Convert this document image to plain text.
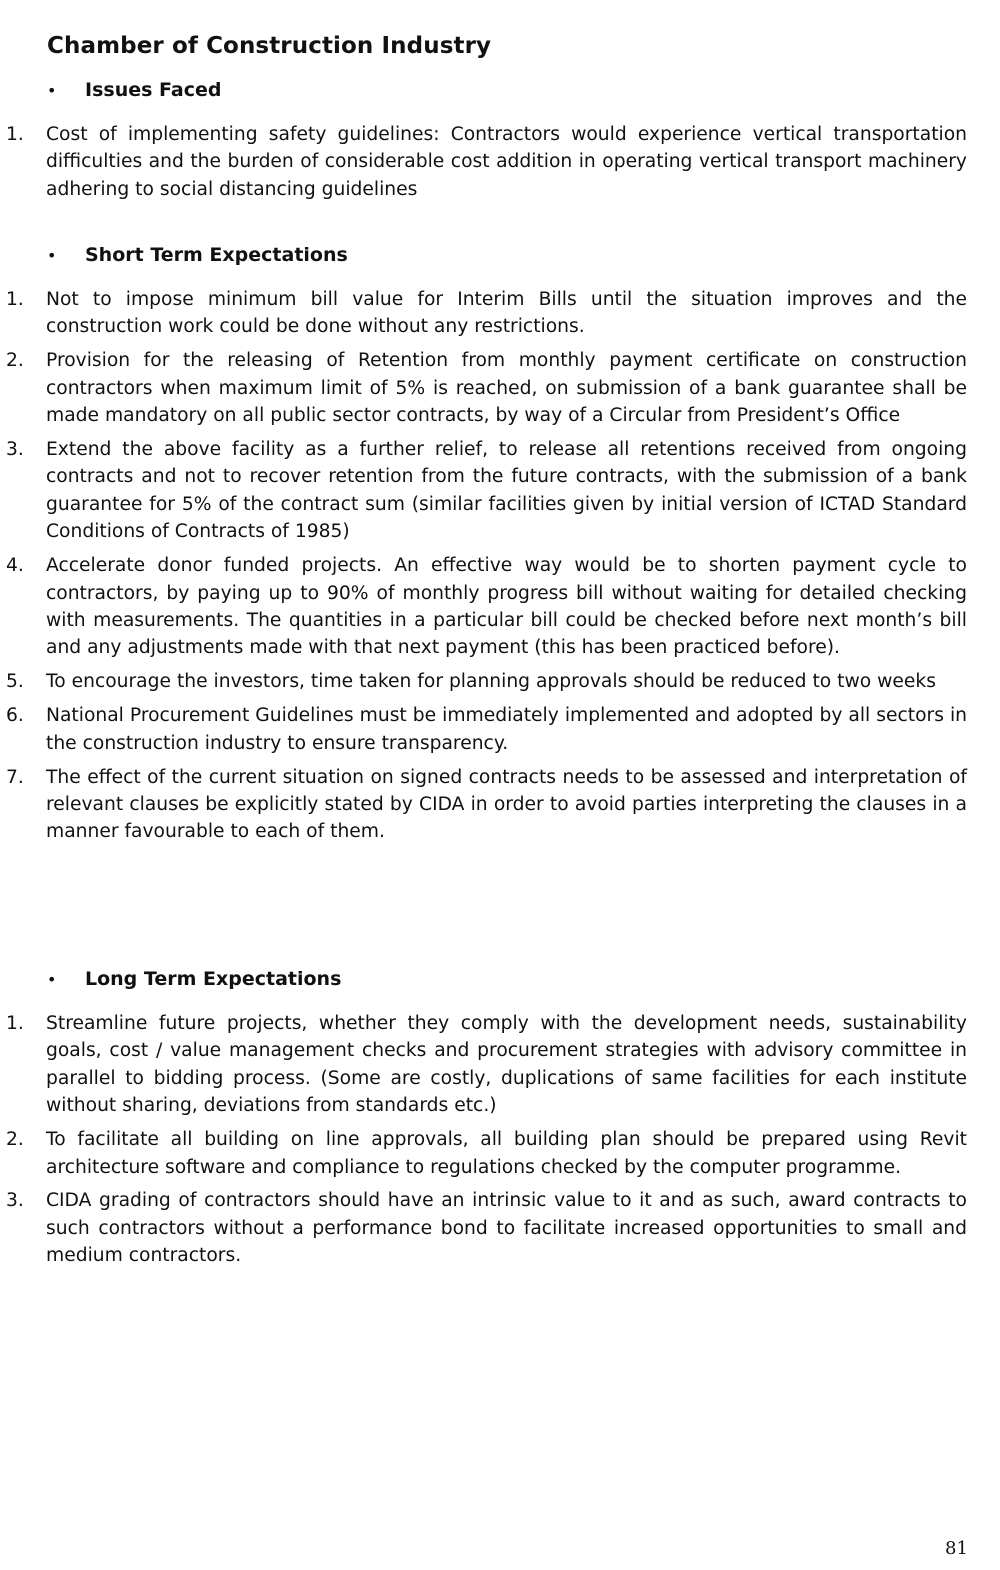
Chamber of Construction Industry
• Issues Faced
1. Cost of implementing safety guidelines: Contractors would experience vertical transportation difficulties and the burden of considerable cost addition in operating vertical transport machinery adhering to social distancing guidelines
• Short Term Expectations
1. Not to impose minimum bill value for Interim Bills until the situation improves and the construction work could be done without any restrictions.
2. Provision for the releasing of Retention from monthly payment certificate on construction contractors when maximum limit of 5% is reached, on submission of a bank guarantee shall be made mandatory on all public sector contracts, by way of a Circular from President’s Office
3. Extend the above facility as a further relief, to release all retentions received from ongoing contracts and not to recover retention from the future contracts, with the submission of a bank guarantee for 5% of the contract sum (similar facilities given by initial version of ICTAD Standard Conditions of Contracts of 1985)
4. Accelerate donor funded projects. An effective way would be to shorten payment cycle to contractors, by paying up to 90% of monthly progress bill without waiting for detailed checking with measurements. The quantities in a particular bill could be checked before next month’s bill and any adjustments made with that next payment (this has been practiced before).
5. To encourage the investors, time taken for planning approvals should be reduced to two weeks
6. National Procurement Guidelines must be immediately implemented and adopted by all sectors in the construction industry to ensure transparency.
7. The effect of the current situation on signed contracts needs to be assessed and interpretation of relevant clauses be explicitly stated by CIDA in order to avoid parties interpreting the clauses in a manner favourable to each of them.
• Long Term Expectations
1. Streamline future projects, whether they comply with the development needs, sustainability goals, cost / value management checks and procurement strategies with advisory committee in parallel to bidding process. (Some are costly, duplications of same facilities for each institute without sharing, deviations from standards etc.)
2. To facilitate all building on line approvals, all building plan should be prepared using Revit architecture software and compliance to regulations checked by the computer programme.
3. CIDA grading of contractors should have an intrinsic value to it and as such, award contracts to such contractors without a performance bond to facilitate increased opportunities to small and medium contractors.
81
